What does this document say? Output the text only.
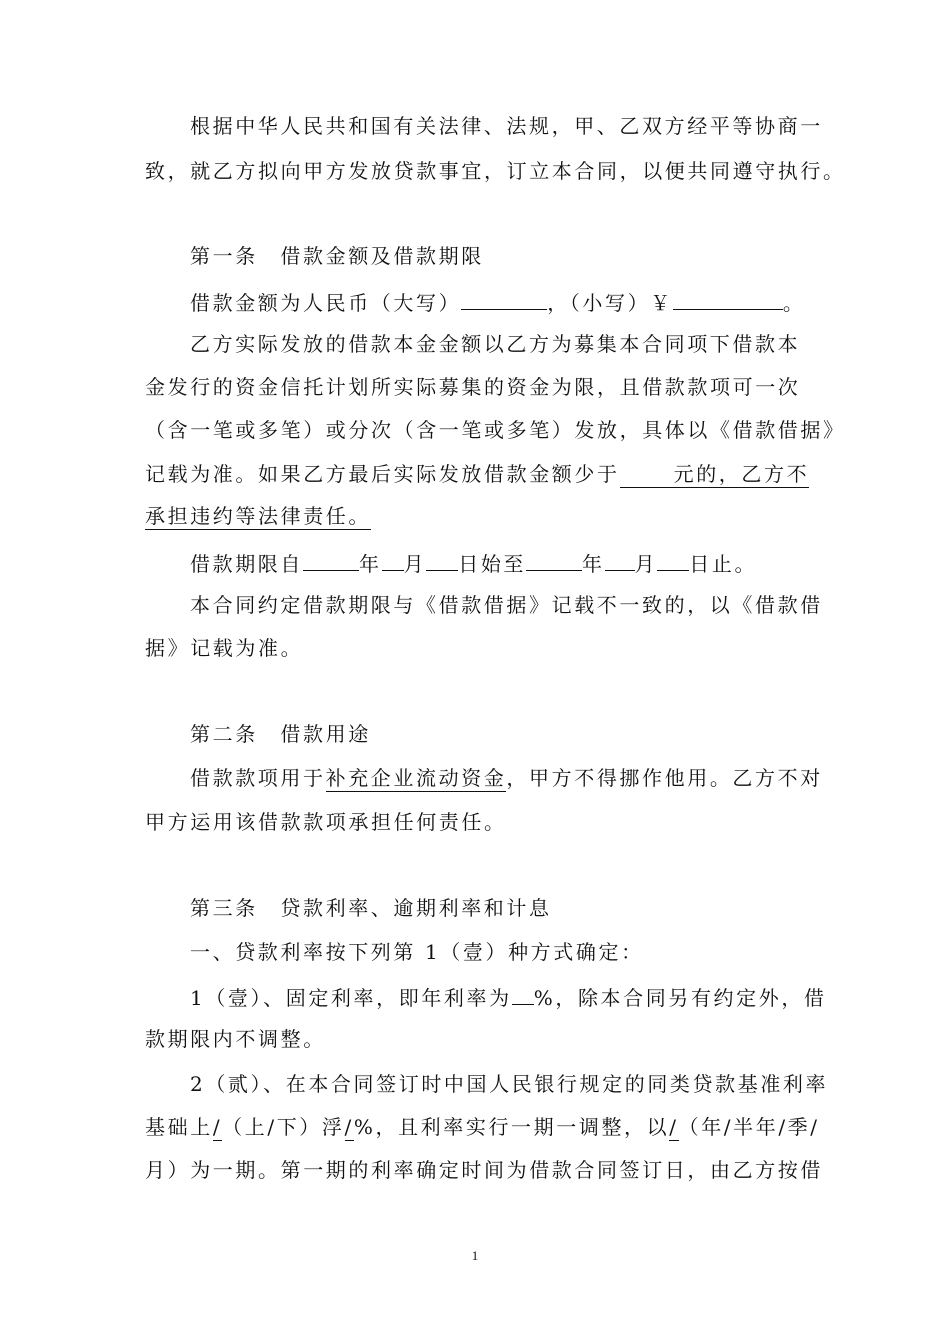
根据中华人民共和国有关法律、法规，甲、乙双方经平等协商一
致，就乙方拟向甲方发放贷款事宜，订立本合同，以便共同遵守执行。
第一条　借款金额及借款期限
借款金额为人民币（大写）	，（小写）￥	。
乙方实际发放的借款本金金额以乙方为募集本合同项下借款本
金发行的资金信托计划所实际募集的资金为限，且借款款项可一次
（含一笔或多笔）或分次（含一笔或多笔）发放，具体以《借款借据》
记载为准。如果乙方最后实际发放借款金额少于	元的，乙方不
承担违约等法律责任。
借款期限自	年 月 日始至	年 月 日止。
本合同约定借款期限与《借款借据》记载不一致的，以《借款借
据》记载为准。
第二条　借款用途
借款款项用于补充企业流动资金，甲方不得挪作他用。乙方不对
甲方运用该借款款项承担任何责任。
第三条　贷款利率、逾期利率和计息
一、贷款利率按下列第 1（壹）种方式确定：
1（壹）、固定利率，即年利率为 %，除本合同另有约定外，借
款期限内不调整。
2（贰）、在本合同签订时中国人民银行规定的同类贷款基准利率
基础上/（上/下）浮/%，且利率实行一期一调整，以/（年/半年/季/
月）为一期。第一期的利率确定时间为借款合同签订日，由乙方按借
1
